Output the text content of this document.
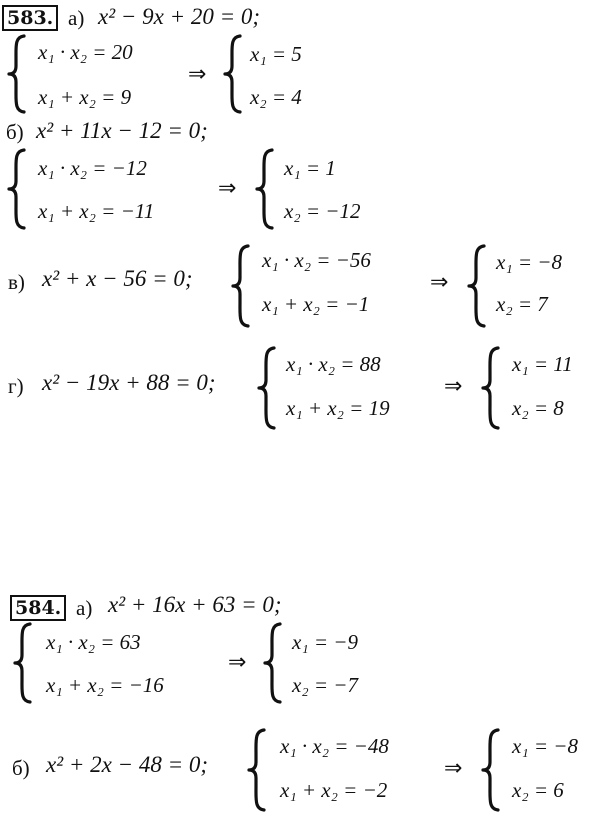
583. а) x² − 9x + 20 = 0;
x₁ · x₂ = 20
x₁ + x₂ = 9
⇒
x₁ = 5
x₂ = 4
б) x² + 11x − 12 = 0;
x₁ · x₂ = −12
x₁ + x₂ = −11
⇒
x₁ = 1
x₂ = −12
в) x² + x − 56 = 0;
x₁ · x₂ = −56
x₁ + x₂ = −1
⇒
x₁ = −8
x₂ = 7
г) x² − 19x + 88 = 0;
x₁ · x₂ = 88
x₁ + x₂ = 19
⇒
x₁ = 11
x₂ = 8
584. а) x² + 16x + 63 = 0;
x₁ · x₂ = 63
x₁ + x₂ = −16
⇒
x₁ = −9
x₂ = −7
б) x² + 2x − 48 = 0;
x₁ · x₂ = −48
x₁ + x₂ = −2
⇒
x₁ = −8
x₂ = 6
